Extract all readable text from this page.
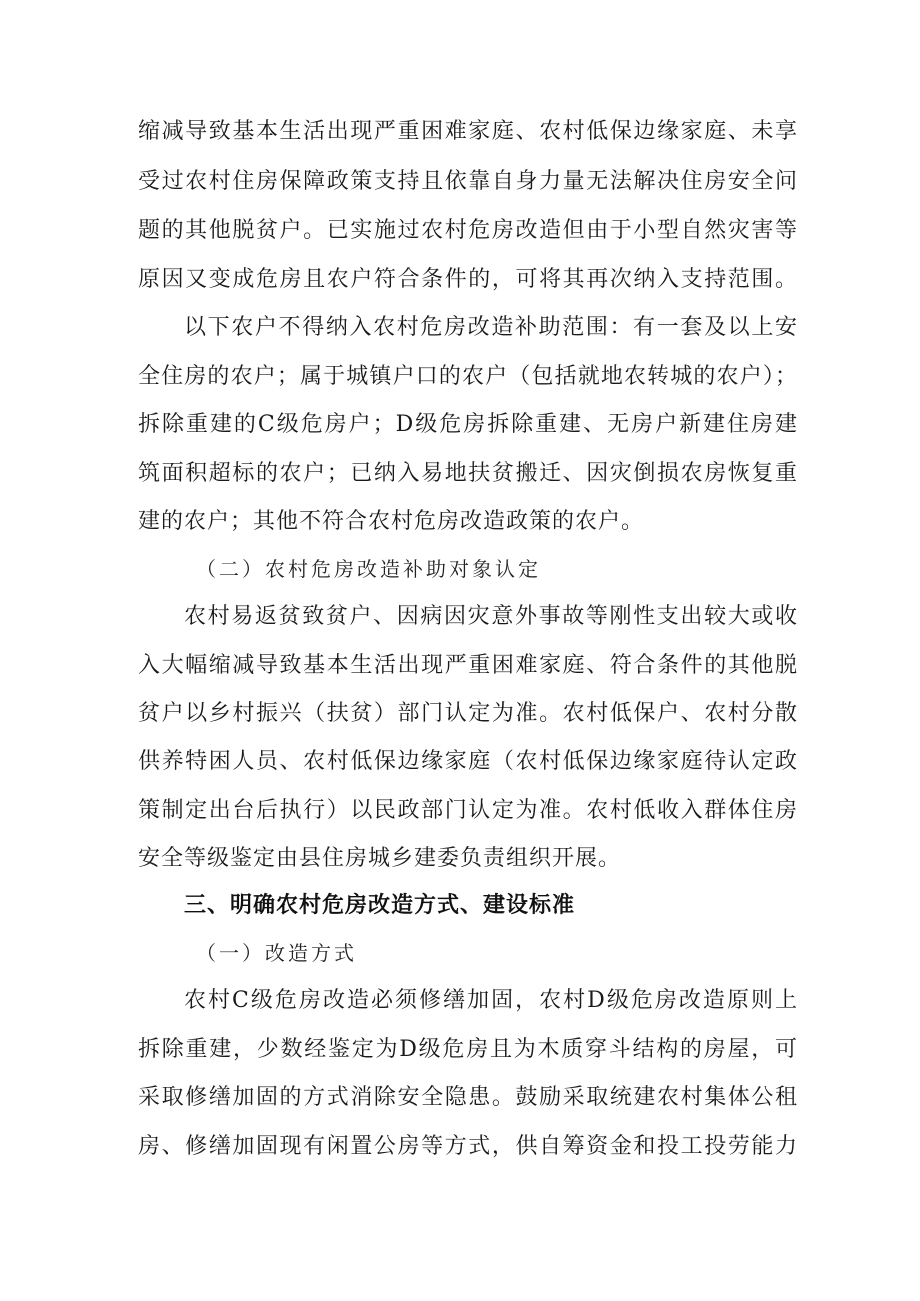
缩减导致基本生活出现严重困难家庭、农村低保边缘家庭、未享
受过农村住房保障政策支持且依靠自身力量无法解决住房安全问
题的其他脱贫户。已实施过农村危房改造但由于小型自然灾害等
原因又变成危房且农户符合条件的，可将其再次纳入支持范围。
以下农户不得纳入农村危房改造补助范围：有一套及以上安
全住房的农户；属于城镇户口的农户（包括就地农转城的农户）；
拆除重建的C级危房户；D级危房拆除重建、无房户新建住房建
筑面积超标的农户；已纳入易地扶贫搬迁、因灾倒损农房恢复重
建的农户；其他不符合农村危房改造政策的农户。
（二）农村危房改造补助对象认定
农村易返贫致贫户、因病因灾意外事故等刚性支出较大或收
入大幅缩减导致基本生活出现严重困难家庭、符合条件的其他脱
贫户以乡村振兴（扶贫）部门认定为准。农村低保户、农村分散
供养特困人员、农村低保边缘家庭（农村低保边缘家庭待认定政
策制定出台后执行）以民政部门认定为准。农村低收入群体住房
安全等级鉴定由县住房城乡建委负责组织开展。
三、明确农村危房改造方式、建设标准
（一）改造方式
农村C级危房改造必须修缮加固，农村D级危房改造原则上
拆除重建，少数经鉴定为D级危房且为木质穿斗结构的房屋，可
采取修缮加固的方式消除安全隐患。鼓励采取统建农村集体公租
房、修缮加固现有闲置公房等方式，供自筹资金和投工投劳能力
